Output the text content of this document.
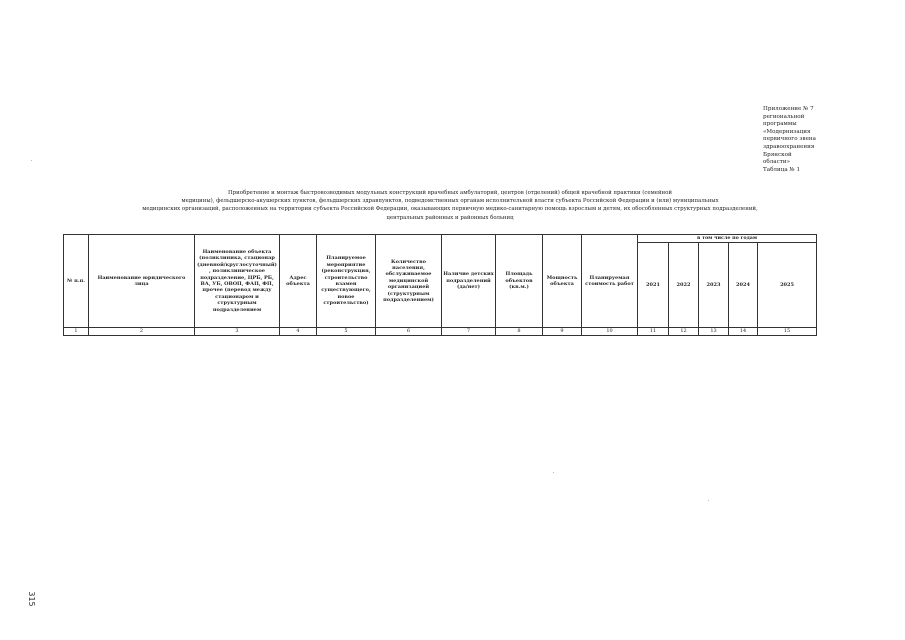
Приложение № 7
региональной
программы
«Модернизация
первичного звена
здравоохранения
Брянской
области»
Таблица № 1
Приобретение и монтаж быстровозводимых модульных конструкций врачебных амбулаторий, центров (отделений) общей врачебной практики (семейной
медицины), фельдшерско-акушерских пунктов, фельдшерских здравпунктов, подведомственных органам исполнительной власти субъекта Российской Федерации и (или) муниципальных
медицинских организаций, расположенных на территории субъекта Российской Федерации, оказывающих первичную медико-санитарную помощь взрослым и детям, их обособленных структурных подразделений,
центральных районных и районных больниц
№ п.п.	Наименование юридического лица	Наименование объекта (поликлиника, стационар (дневной/круглосуточный) , поликлиническое подразделение, ЦРБ, РБ, ВА, УБ, ОВОП, ФАП, ФП, прочее (перевод между стационаром и структурным подразделением	Адрес объекта	Планируемое мероприятие (реконструкция, строительство взамен существующего, новое строительство)	Количество населения, обслуживаемое медицинской организацией (структурным подразделением)	Наличие детских подразделений (да/нет)	Площадь объектов (кв.м.)	Мощность объекта	Планируемая стоимость работ	в том числе по годам				
										2021	2022	2023	2024	2025
1	2	3	4	5	6	7	8	9	10	11	12	13	14	15
315
